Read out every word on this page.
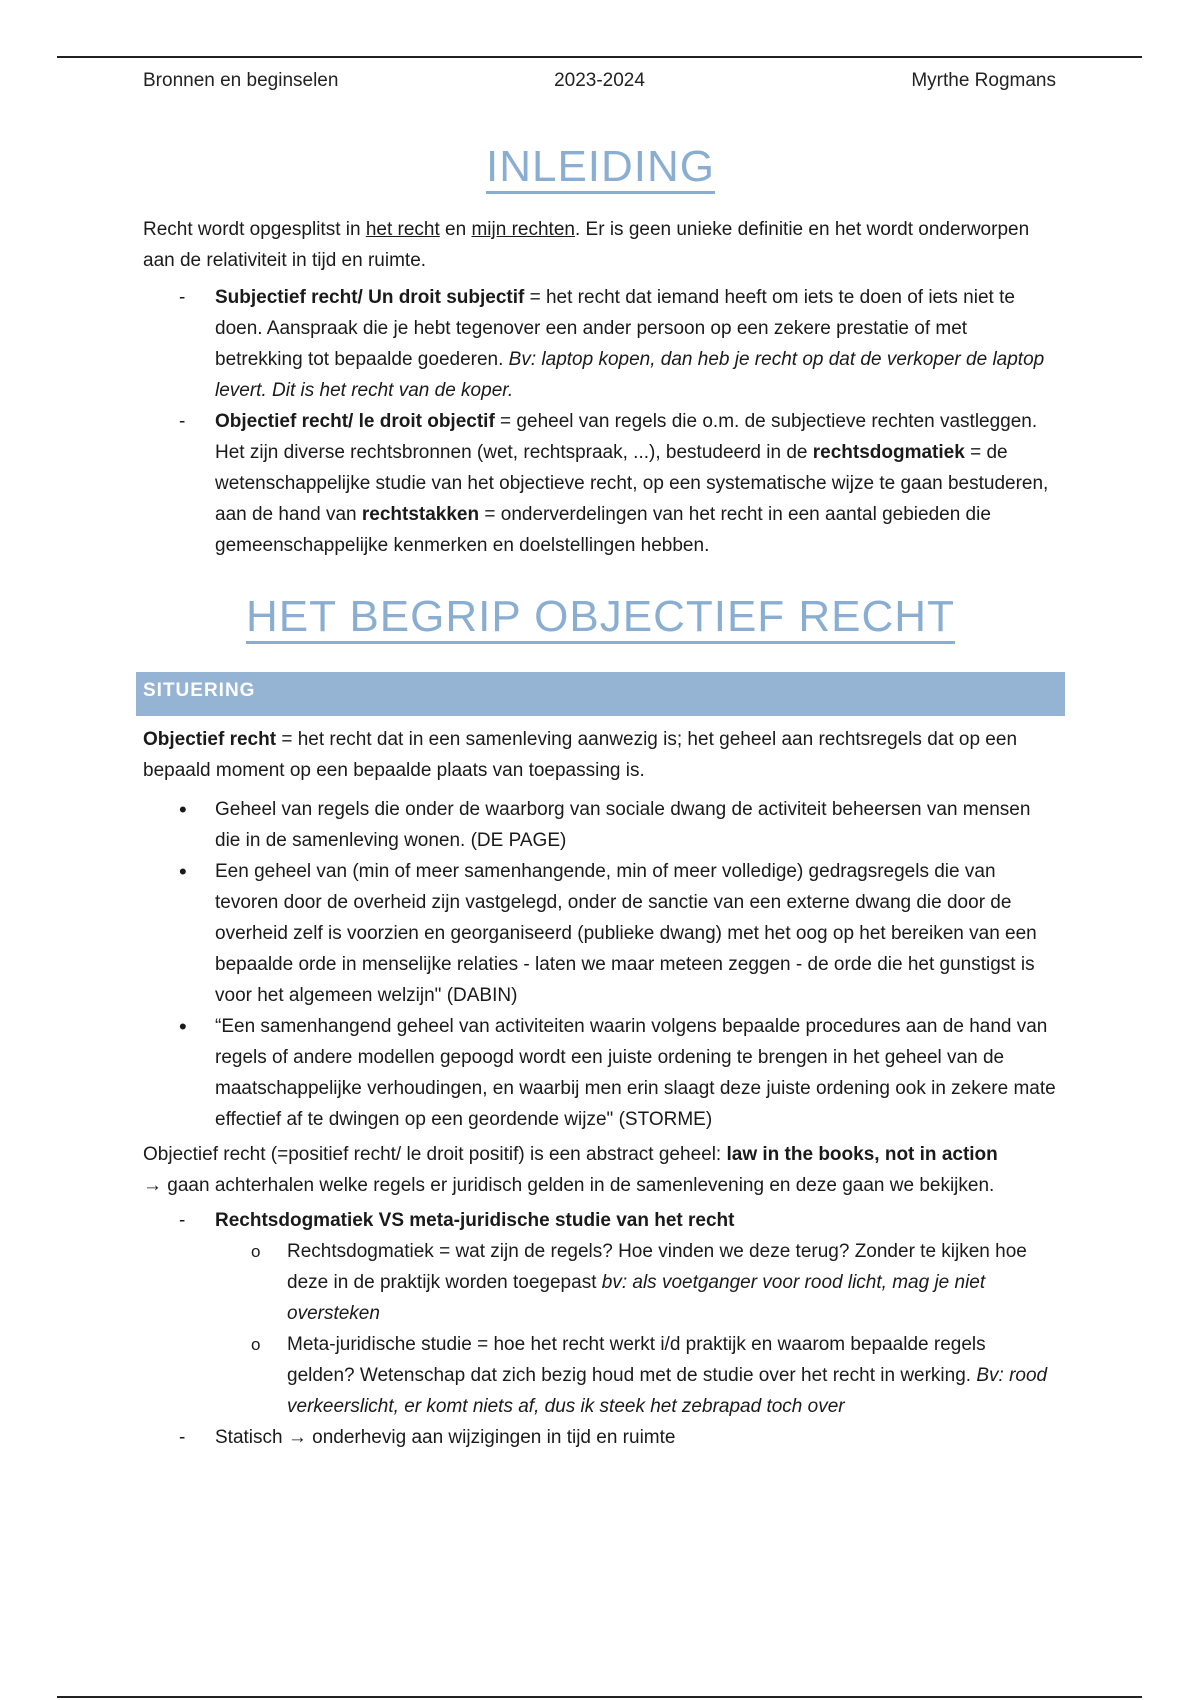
Bronnen en beginselen	2023-2024	Myrthe Rogmans
INLEIDING

Recht wordt opgesplitst in het recht en mijn rechten. Er is geen unieke definitie en het wordt onderworpen aan de relativiteit in tijd en ruimte.

- Subjectief recht/ Un droit subjectif = het recht dat iemand heeft om iets te doen of iets niet te doen. Aanspraak die je hebt tegenover een ander persoon op een zekere prestatie of met betrekking tot bepaalde goederen. Bv: laptop kopen, dan heb je recht op dat de verkoper de laptop levert. Dit is het recht van de koper.
- Objectief recht/ le droit objectif = geheel van regels die o.m. de subjectieve rechten vastleggen. Het zijn diverse rechtsbronnen (wet, rechtspraak, ...), bestudeerd in de rechtsdogmatiek = de wetenschappelijke studie van het objectieve recht, op een systematische wijze te gaan bestuderen, aan de hand van rechtstakken = onderverdelingen van het recht in een aantal gebieden die gemeenschappelijke kenmerken en doelstellingen hebben.
HET BEGRIP OBJECTIEF RECHT
SITUERING

Objectief recht = het recht dat in een samenleving aanwezig is; het geheel aan rechtsregels dat op een bepaald moment op een bepaalde plaats van toepassing is.

• Geheel van regels die onder de waarborg van sociale dwang de activiteit beheersen van mensen die in de samenleving wonen. (DE PAGE)
• Een geheel van (min of meer samenhangende, min of meer volledige) gedragsregels die van tevoren door de overheid zijn vastgelegd, onder de sanctie van een externe dwang die door de overheid zelf is voorzien en georganiseerd (publieke dwang) met het oog op het bereiken van een bepaalde orde in menselijke relaties - laten we maar meteen zeggen - de orde die het gunstigst is voor het algemeen welzijn" (DABIN)
• “Een samenhangend geheel van activiteiten waarin volgens bepaalde procedures aan de hand van regels of andere modellen gepoogd wordt een juiste ordening te brengen in het geheel van de maatschappelijke verhoudingen, en waarbij men erin slaagt deze juiste ordening ook in zekere mate effectief af te dwingen op een geordende wijze" (STORME)

Objectief recht (=positief recht/ le droit positif) is een abstract geheel: law in the books, not in action

→ gaan achterhalen welke regels er juridisch gelden in de samenlevening en deze gaan we bekijken.

- Rechtsdogmatiek VS meta-juridische studie van het recht
o Rechtsdogmatiek = wat zijn de regels? Hoe vinden we deze terug? Zonder te kijken hoe deze in de praktijk worden toegepast bv: als voetganger voor rood licht, mag je niet oversteken
o Meta-juridische studie = hoe het recht werkt i/d praktijk en waarom bepaalde regels gelden? Wetenschap dat zich bezig houd met de studie over het recht in werking. Bv: rood verkeerslicht, er komt niets af, dus ik steek het zebrapad toch over
- Statisch → onderhevig aan wijzigingen in tijd en ruimte
